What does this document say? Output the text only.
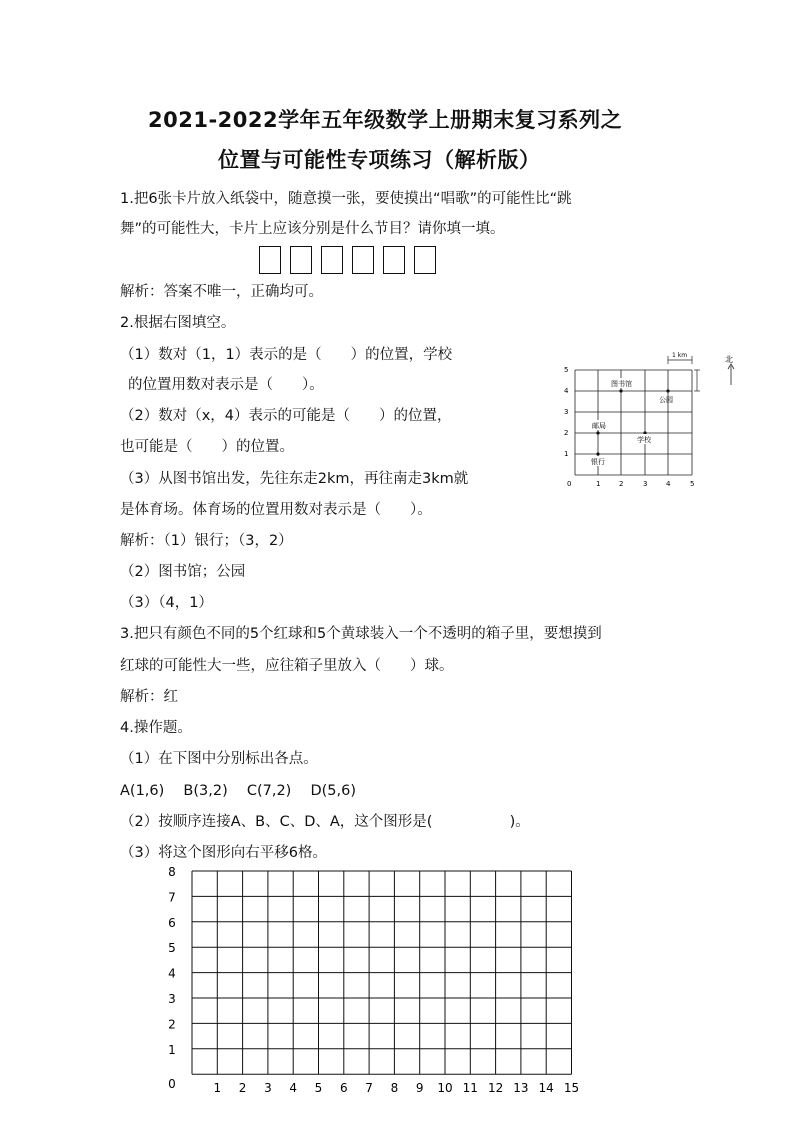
2021-2022学年五年级数学上册期末复习系列之
位置与可能性专项练习（解析版）
1.把6张卡片放入纸袋中，随意摸一张，要使摸出“唱歌”的可能性比“跳
舞”的可能性大，卡片上应该分别是什么节目？请你填一填。
解析：答案不唯一，正确均可。
2.根据右图填空。
（1）数对（1，1）表示的是（　　）的位置，学校
的位置用数对表示是（　　）。
（2）数对（x，4）表示的可能是（　　）的位置，
也可能是（　　）的位置。
（3）从图书馆出发，先往东走2km，再往南走3km就
是体育场。体育场的位置用数对表示是（　　）。
解析：（1）银行；（3，2）
（2）图书馆；公园
（3）（4，1）
1 km	北
图书馆
公园
邮局
学校
银行
0	1	2	3	4	5
1
2
3
4
5
3.把只有颜色不同的5个红球和5个黄球装入一个不透明的箱子里，要想摸到
红球的可能性大一些，应往箱子里放入（　　）球。
解析：红
4.操作题。
（1）在下图中分别标出各点。
A(1,6)　 B(3,2)　 C(7,2)　 D(5,6)
（2）按顺序连接A、B、C、D、A，这个图形是(　　　　　 )。
（3）将这个图形向右平移6格。
1 2 3 4 5 6 7 8 9 10 11 12 13 14 15
0
1
2
3
4
5
6
7
8
